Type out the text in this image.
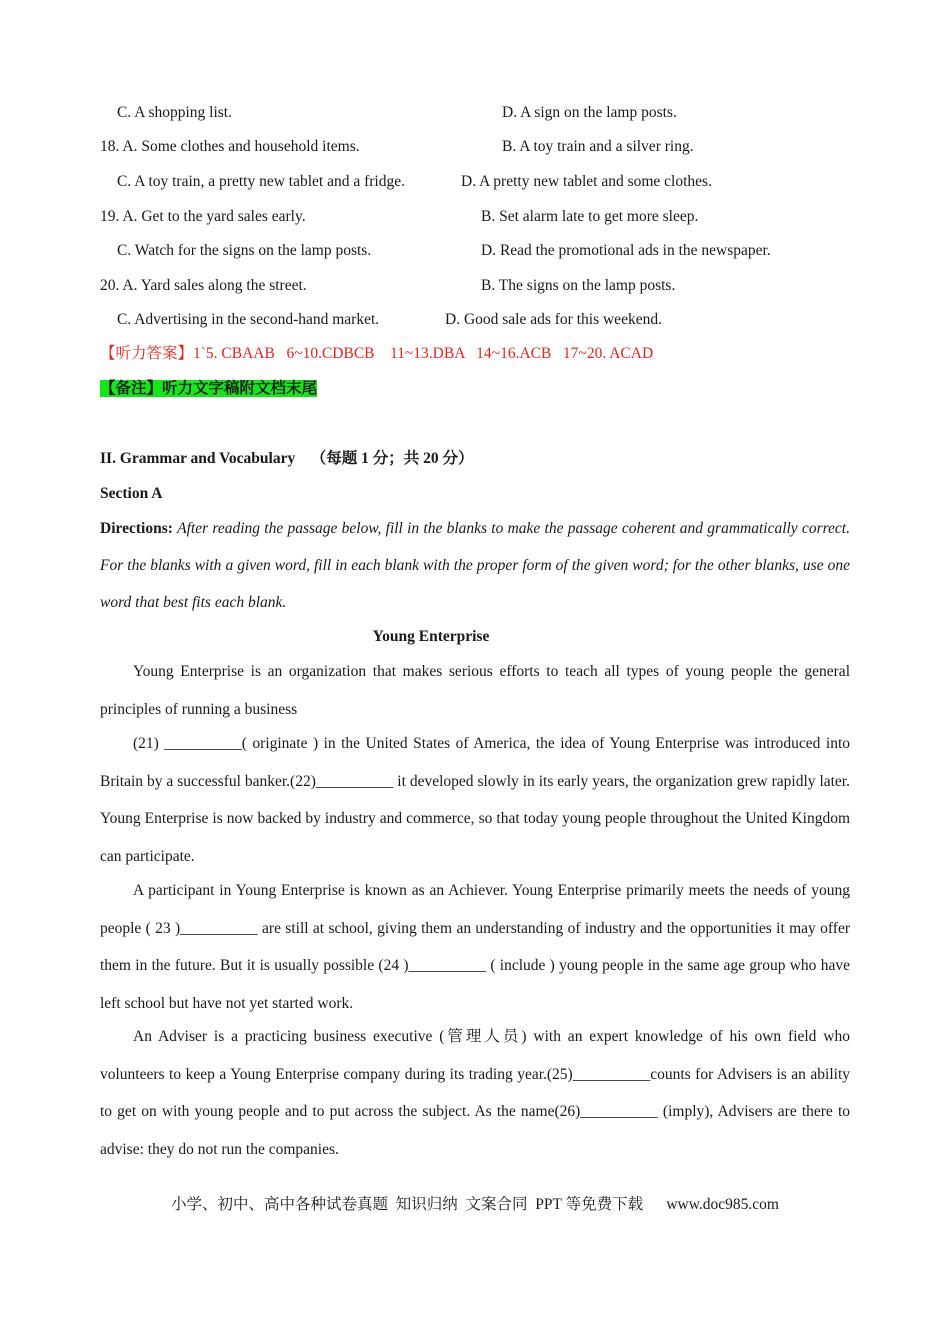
C. A shopping list.	D. A sign on the lamp posts.
18. A. Some clothes and household items.	B. A toy train and a silver ring.
C. A toy train, a pretty new tablet and a fridge.	D. A pretty new tablet and some clothes.
19. A. Get to the yard sales early.	B. Set alarm late to get more sleep.
C. Watch for the signs on the lamp posts.	D. Read the promotional ads in the newspaper.
20. A. Yard sales along the street.	B. The signs on the lamp posts.
C. Advertising in the second-hand market.	D. Good sale ads for this weekend.
【听力答案】1`5. CBAAB   6~10.CDBCB    11~13.DBA   14~16.ACB   17~20. ACAD
【备注】听力文字稿附文档末尾
II. Grammar and Vocabulary （每题 1 分；共 20 分）
Section A
Directions: After reading the passage below, fill in the blanks to make the passage coherent and grammatically correct. For the blanks with a given word, fill in each blank with the proper form of the given word; for the other blanks, use one word that best fits each blank.
Young Enterprise
Young Enterprise is an organization that makes serious efforts to teach all types of young people the general principles of running a business
(21) __________( originate ) in the United States of America, the idea of Young Enterprise was introduced into Britain by a successful banker.(22)__________ it developed slowly in its early years, the organization grew rapidly later. Young Enterprise is now backed by industry and commerce, so that today young people throughout the United Kingdom can participate.
A participant in Young Enterprise is known as an Achiever. Young Enterprise primarily meets the needs of young people ( 23 )__________ are still at school, giving them an understanding of industry and the opportunities it may offer them in the future. But it is usually possible (24 )__________ ( include ) young people in the same age group who have left school but have not yet started work.
An Adviser is a practicing business executive (管理人员) with an expert knowledge of his own field who volunteers to keep a Young Enterprise company during its trading year.(25)__________counts for Advisers is an ability to get on with young people and to put across the subject. As the name(26)__________ (imply), Advisers are there to advise: they do not run the companies.
小学、初中、高中各种试卷真题  知识归纳  文案合同  PPT 等免费下载      www.doc985.com
